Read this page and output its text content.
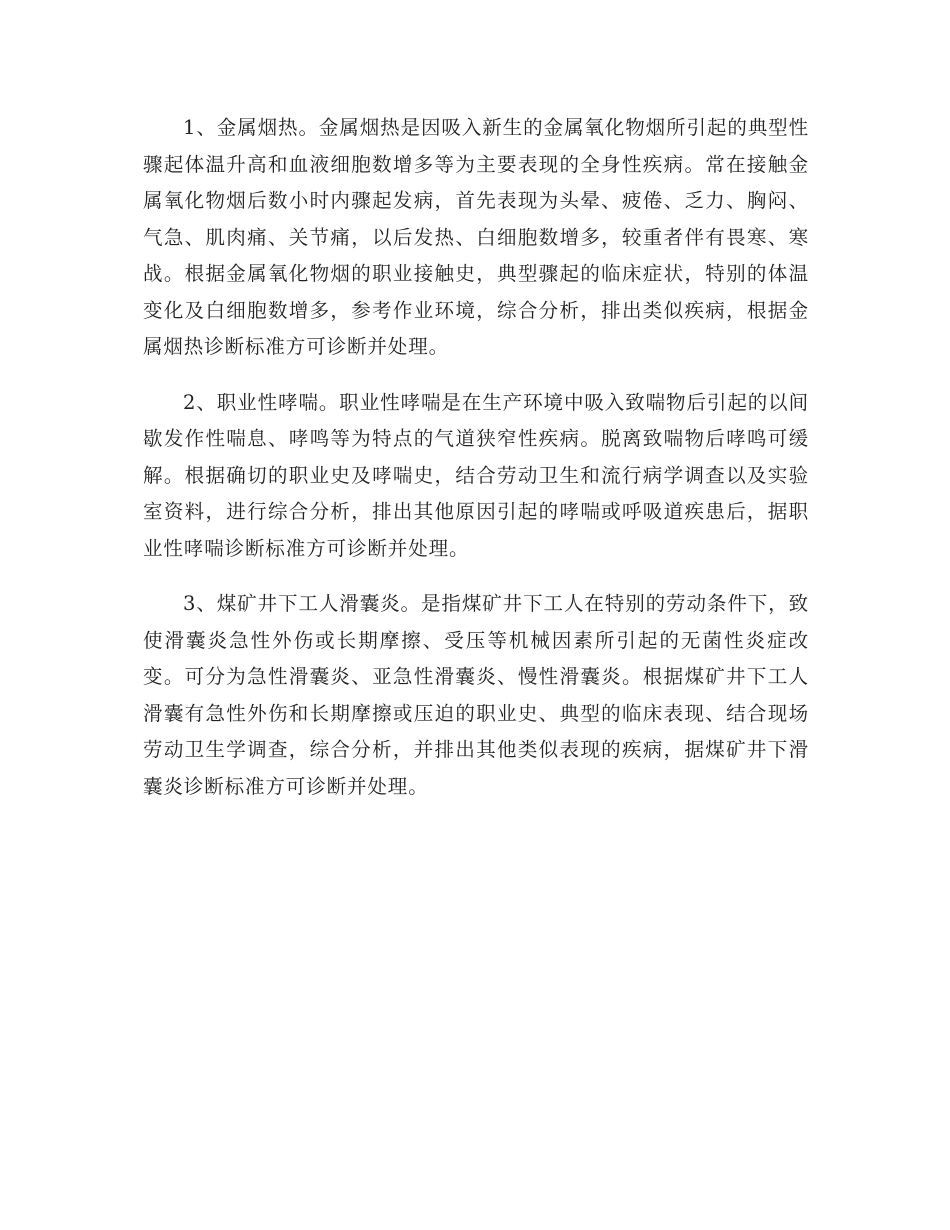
1、金属烟热。金属烟热是因吸入新生的金属氧化物烟所引起的典型性骤起体温升高和血液细胞数增多等为主要表现的全身性疾病。常在接触金属氧化物烟后数小时内骤起发病，首先表现为头晕、疲倦、乏力、胸闷、气急、肌肉痛、关节痛，以后发热、白细胞数增多，较重者伴有畏寒、寒战。根据金属氧化物烟的职业接触史，典型骤起的临床症状，特别的体温变化及白细胞数增多，参考作业环境，综合分析，排出类似疾病，根据金属烟热诊断标准方可诊断并处理。

2、职业性哮喘。职业性哮喘是在生产环境中吸入致喘物后引起的以间歇发作性喘息、哮鸣等为特点的气道狭窄性疾病。脱离致喘物后哮鸣可缓解。根据确切的职业史及哮喘史，结合劳动卫生和流行病学调查以及实验室资料，进行综合分析，排出其他原因引起的哮喘或呼吸道疾患后，据职业性哮喘诊断标准方可诊断并处理。

3、煤矿井下工人滑囊炎。是指煤矿井下工人在特别的劳动条件下，致使滑囊炎急性外伤或长期摩擦、受压等机械因素所引起的无菌性炎症改变。可分为急性滑囊炎、亚急性滑囊炎、慢性滑囊炎。根据煤矿井下工人滑囊有急性外伤和长期摩擦或压迫的职业史、典型的临床表现、结合现场劳动卫生学调查，综合分析，并排出其他类似表现的疾病，据煤矿井下滑囊炎诊断标准方可诊断并处理。
